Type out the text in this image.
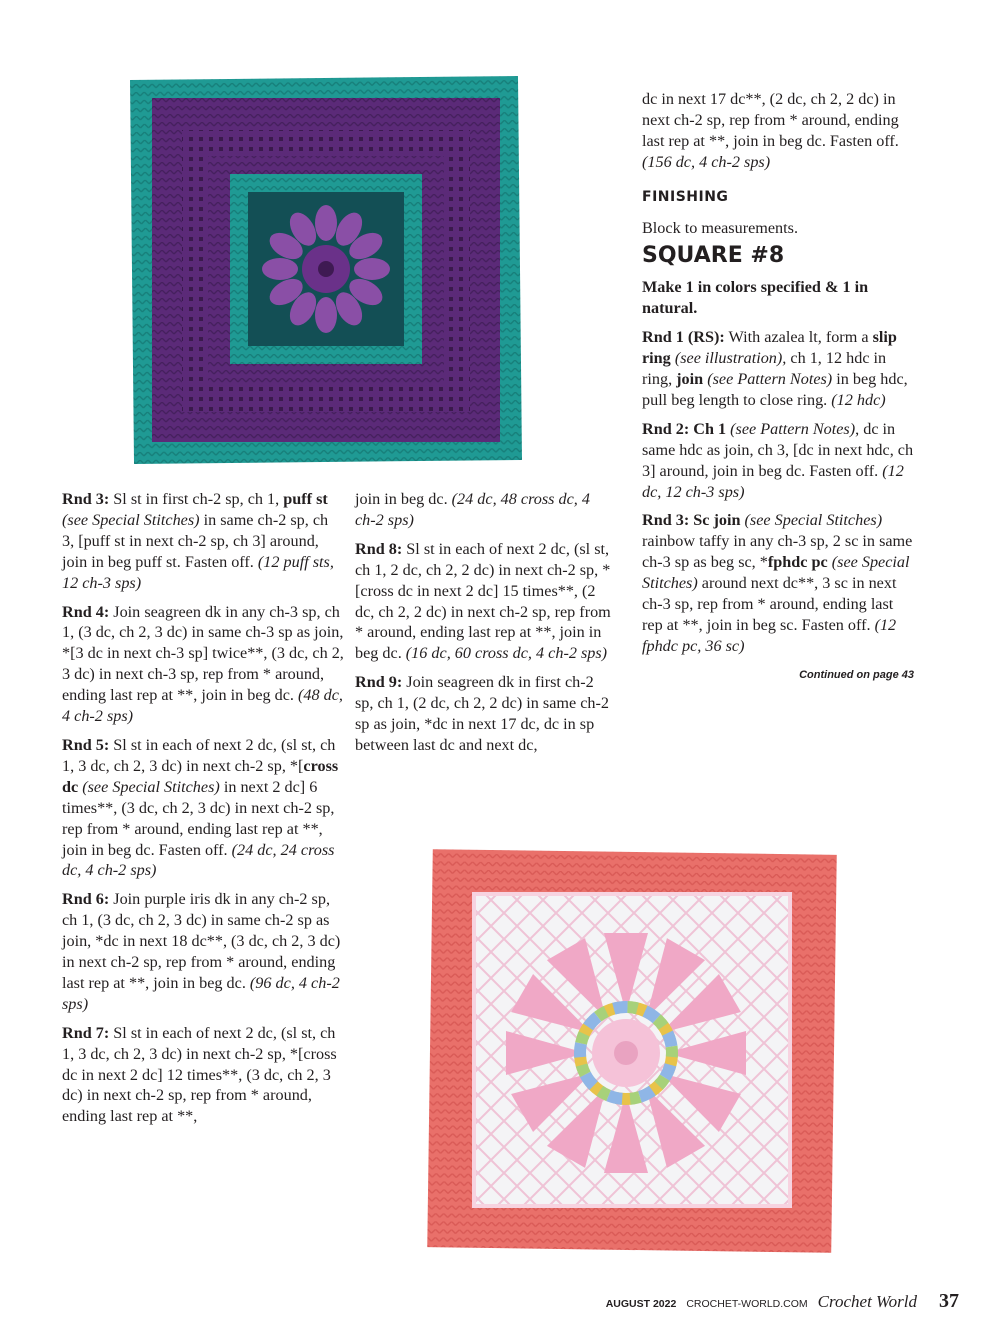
Rnd 3: Sl st in first ch-2 sp, ch 1, puff st (see Special Stitches) in same ch-2 sp, ch 3, [puff st in next ch-2 sp, ch 3] around, join in beg puff st. Fasten off. (12 puff sts, 12 ch-3 sps)

Rnd 4: Join seagreen dk in any ch-3 sp, ch 1, (3 dc, ch 2, 3 dc) in same ch-3 sp as join, *[3 dc in next ch-3 sp] twice**, (3 dc, ch 2, 3 dc) in next ch-3 sp, rep from * around, ending last rep at **, join in beg dc. (48 dc, 4 ch-2 sps)

Rnd 5: Sl st in each of next 2 dc, (sl st, ch 1, 3 dc, ch 2, 3 dc) in next ch-2 sp, *[cross dc (see Special Stitches) in next 2 dc] 6 times**, (3 dc, ch 2, 3 dc) in next ch-2 sp, rep from * around, ending last rep at **, join in beg dc. Fasten off. (24 dc, 24 cross dc, 4 ch-2 sps)

Rnd 6: Join purple iris dk in any ch-2 sp, ch 1, (3 dc, ch 2, 3 dc) in same ch-2 sp as join, *dc in next 18 dc**, (3 dc, ch 2, 3 dc) in next ch-2 sp, rep from * around, ending last rep at **, join in beg dc. (96 dc, 4 ch-2 sps)

Rnd 7: Sl st in each of next 2 dc, (sl st, ch 1, 3 dc, ch 2, 3 dc) in next ch-2 sp, *[cross dc in next 2 dc] 12 times**, (3 dc, ch 2, 3 dc) in next ch-2 sp, rep from * around, ending last rep at **,

join in beg dc. (24 dc, 48 cross dc, 4 ch-2 sps)

Rnd 8: Sl st in each of next 2 dc, (sl st, ch 1, 2 dc, ch 2, 2 dc) in next ch-2 sp, *[cross dc in next 2 dc] 15 times**, (2 dc, ch 2, 2 dc) in next ch-2 sp, rep from * around, ending last rep at **, join in beg dc. (16 dc, 60 cross dc, 4 ch-2 sps)

Rnd 9: Join seagreen dk in first ch-2 sp, ch 1, (2 dc, ch 2, 2 dc) in same ch-2 sp as join, *dc in next 17 dc, dc in sp between last dc and next dc,

dc in next 17 dc**, (2 dc, ch 2, 2 dc) in next ch-2 sp, rep from * around, ending last rep at **, join in beg dc. Fasten off. (156 dc, 4 ch-2 sps)

FINISHING

Block to measurements.

SQUARE #8

Make 1 in colors specified & 1 in natural.

Rnd 1 (RS): With azalea lt, form a slip ring (see illustration), ch 1, 12 hdc in ring, join (see Pattern Notes) in beg hdc, pull beg length to close ring. (12 hdc)

Rnd 2: Ch 1 (see Pattern Notes), dc in same hdc as join, ch 3, [dc in next hdc, ch 3] around, join in beg dc. Fasten off. (12 dc, 12 ch-3 sps)

Rnd 3: Sc join (see Special Stitches) rainbow taffy in any ch-3 sp, 2 sc in same ch-3 sp as beg sc, *fphdc pc (see Special Stitches) around next dc**, 3 sc in next ch-3 sp, rep from * around, ending last rep at **, join in beg sc. Fasten off. (12 fphdc pc, 36 sc)

Continued on page 43
AUGUST 2022 CROCHET-WORLD.COM Crochet World 37
